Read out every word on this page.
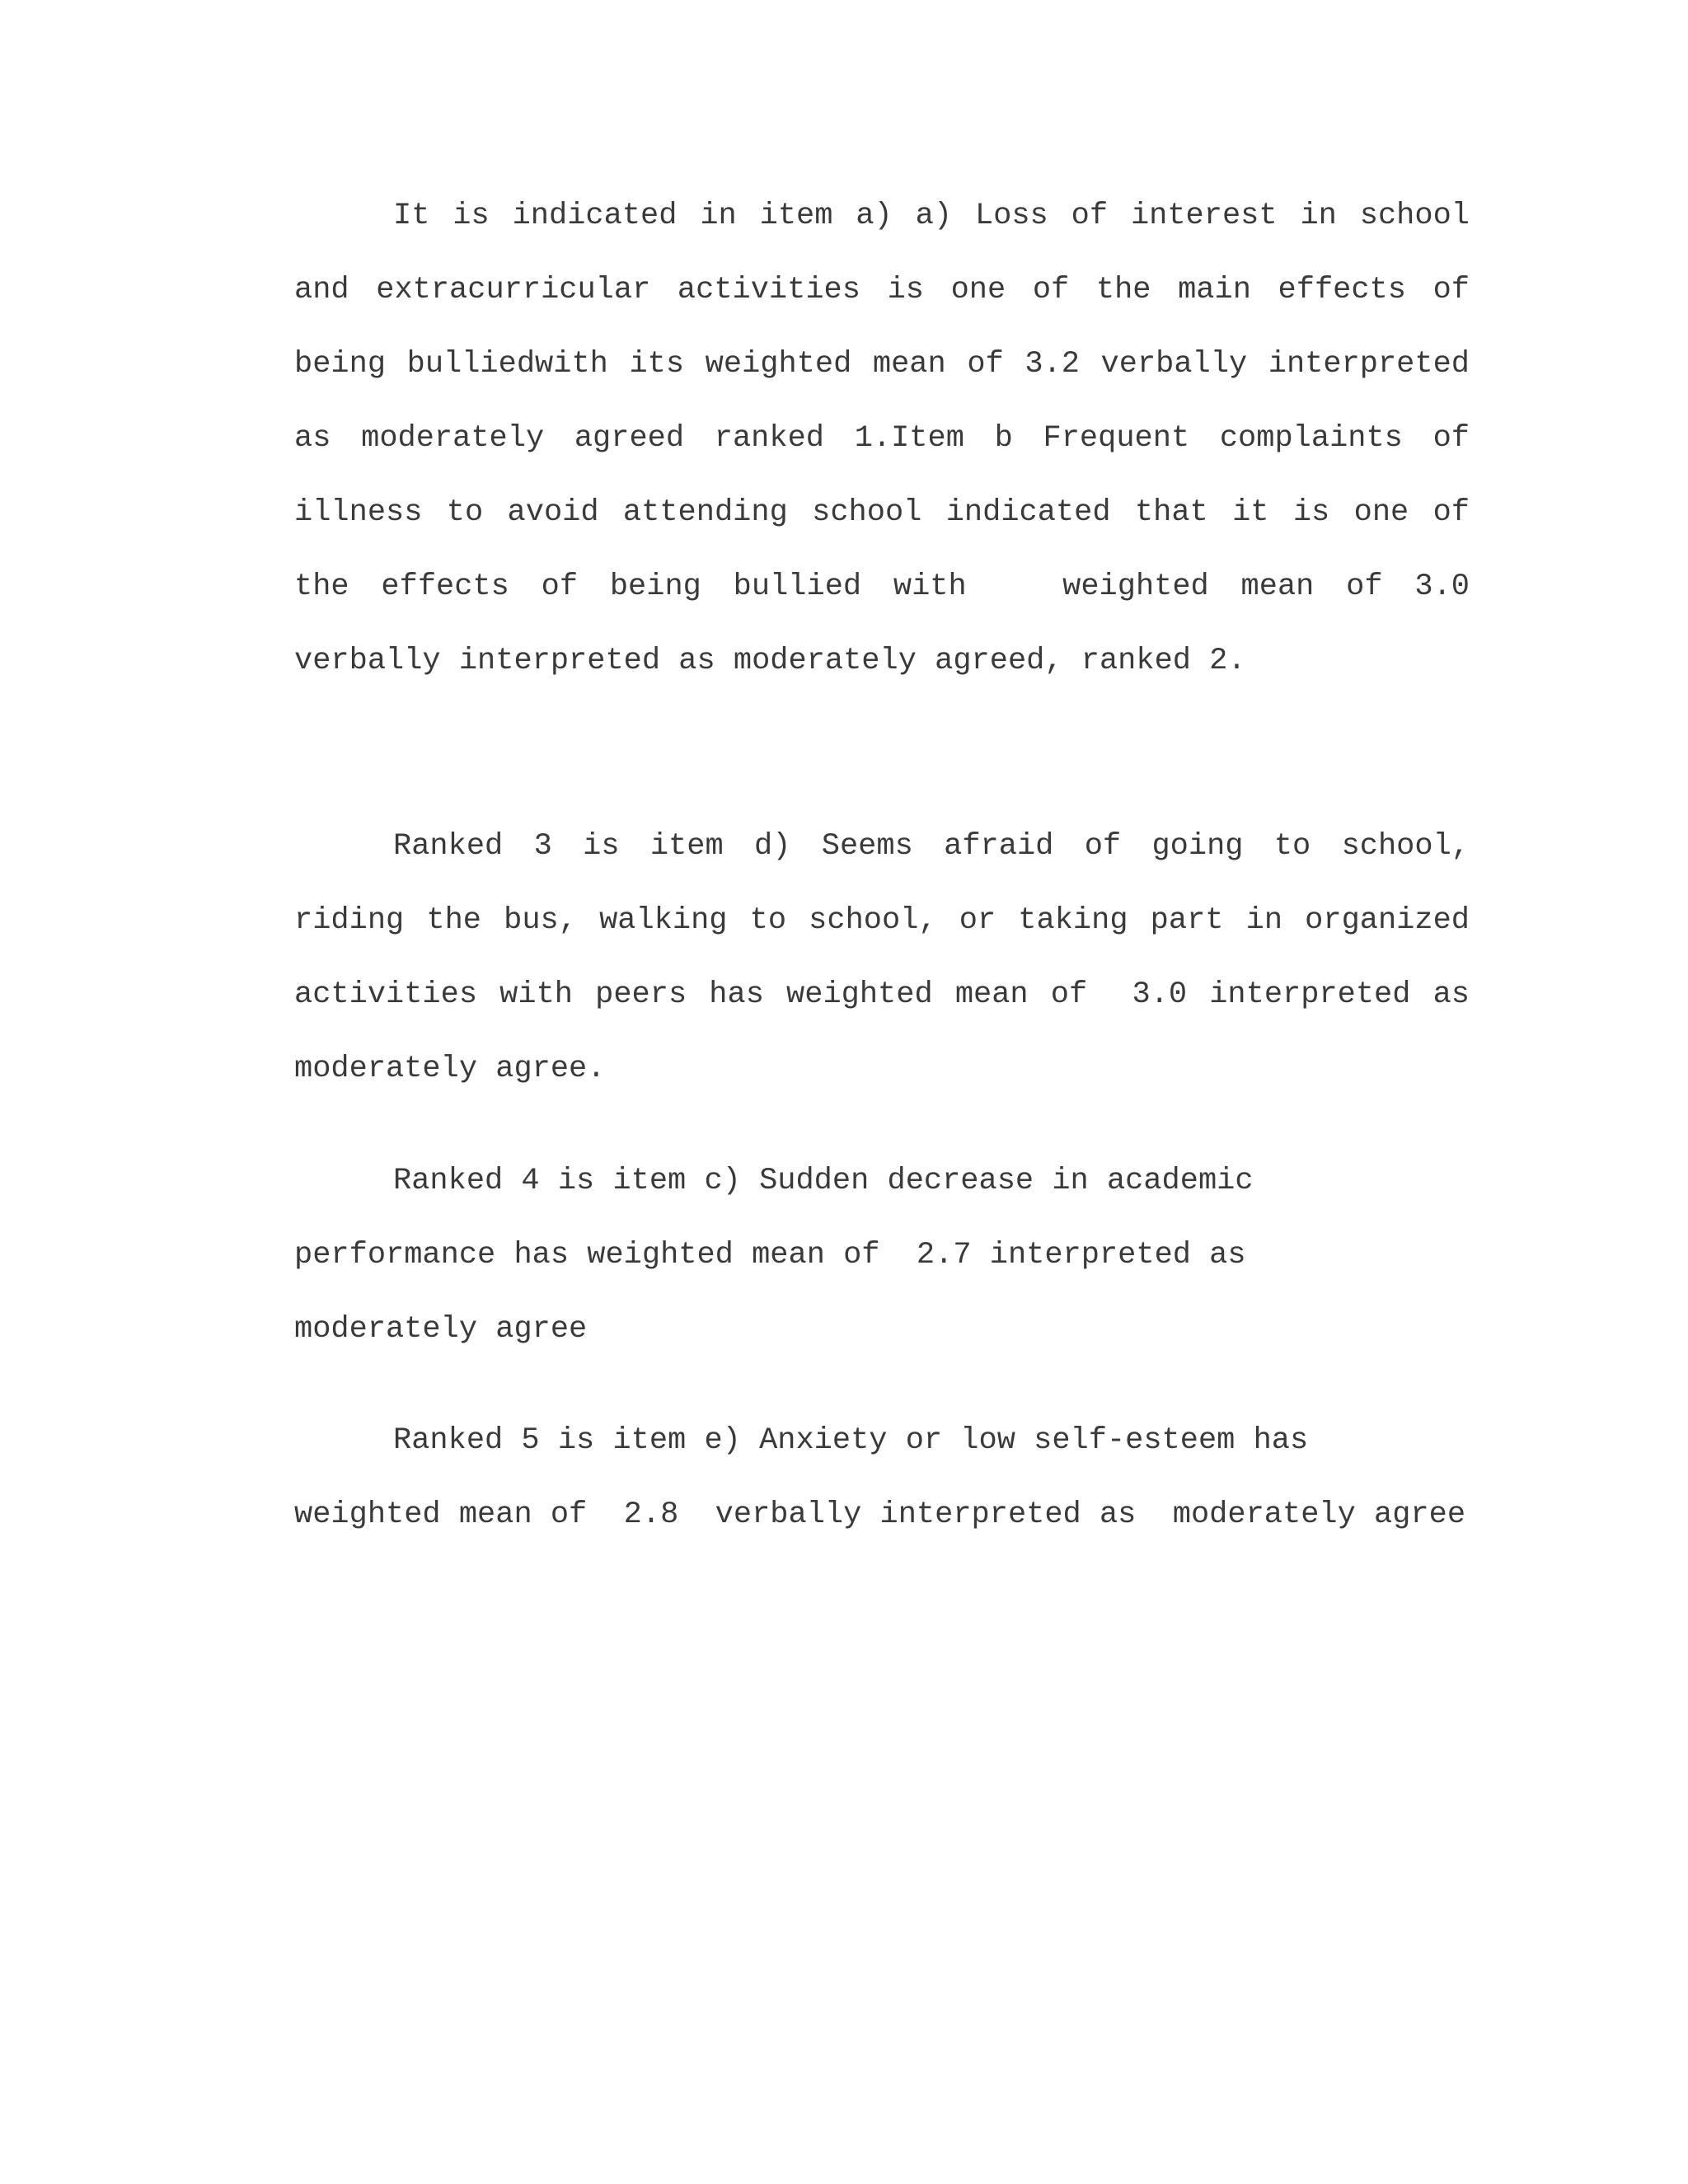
It is indicated in item a) a) Loss of interest in school and extracurricular activities is one of the main effects of being bulliedwith its weighted mean of 3.2 verbally interpreted as moderately agreed ranked 1.Item b Frequent complaints of illness to avoid attending school indicated that it is one of the effects of being bullied with   weighted mean of 3.0 verbally interpreted as moderately agreed, ranked 2.

Ranked 3 is item d) Seems afraid of going to school, riding the bus, walking to school, or taking part in organized activities with peers has weighted mean of  3.0 interpreted as  moderately agree.

Ranked 4 is item c) Sudden decrease in academic performance has weighted mean of  2.7 interpreted as moderately agree

Ranked 5 is item e) Anxiety or low self-esteem has weighted mean of  2.8  verbally interpreted as  moderately agree
